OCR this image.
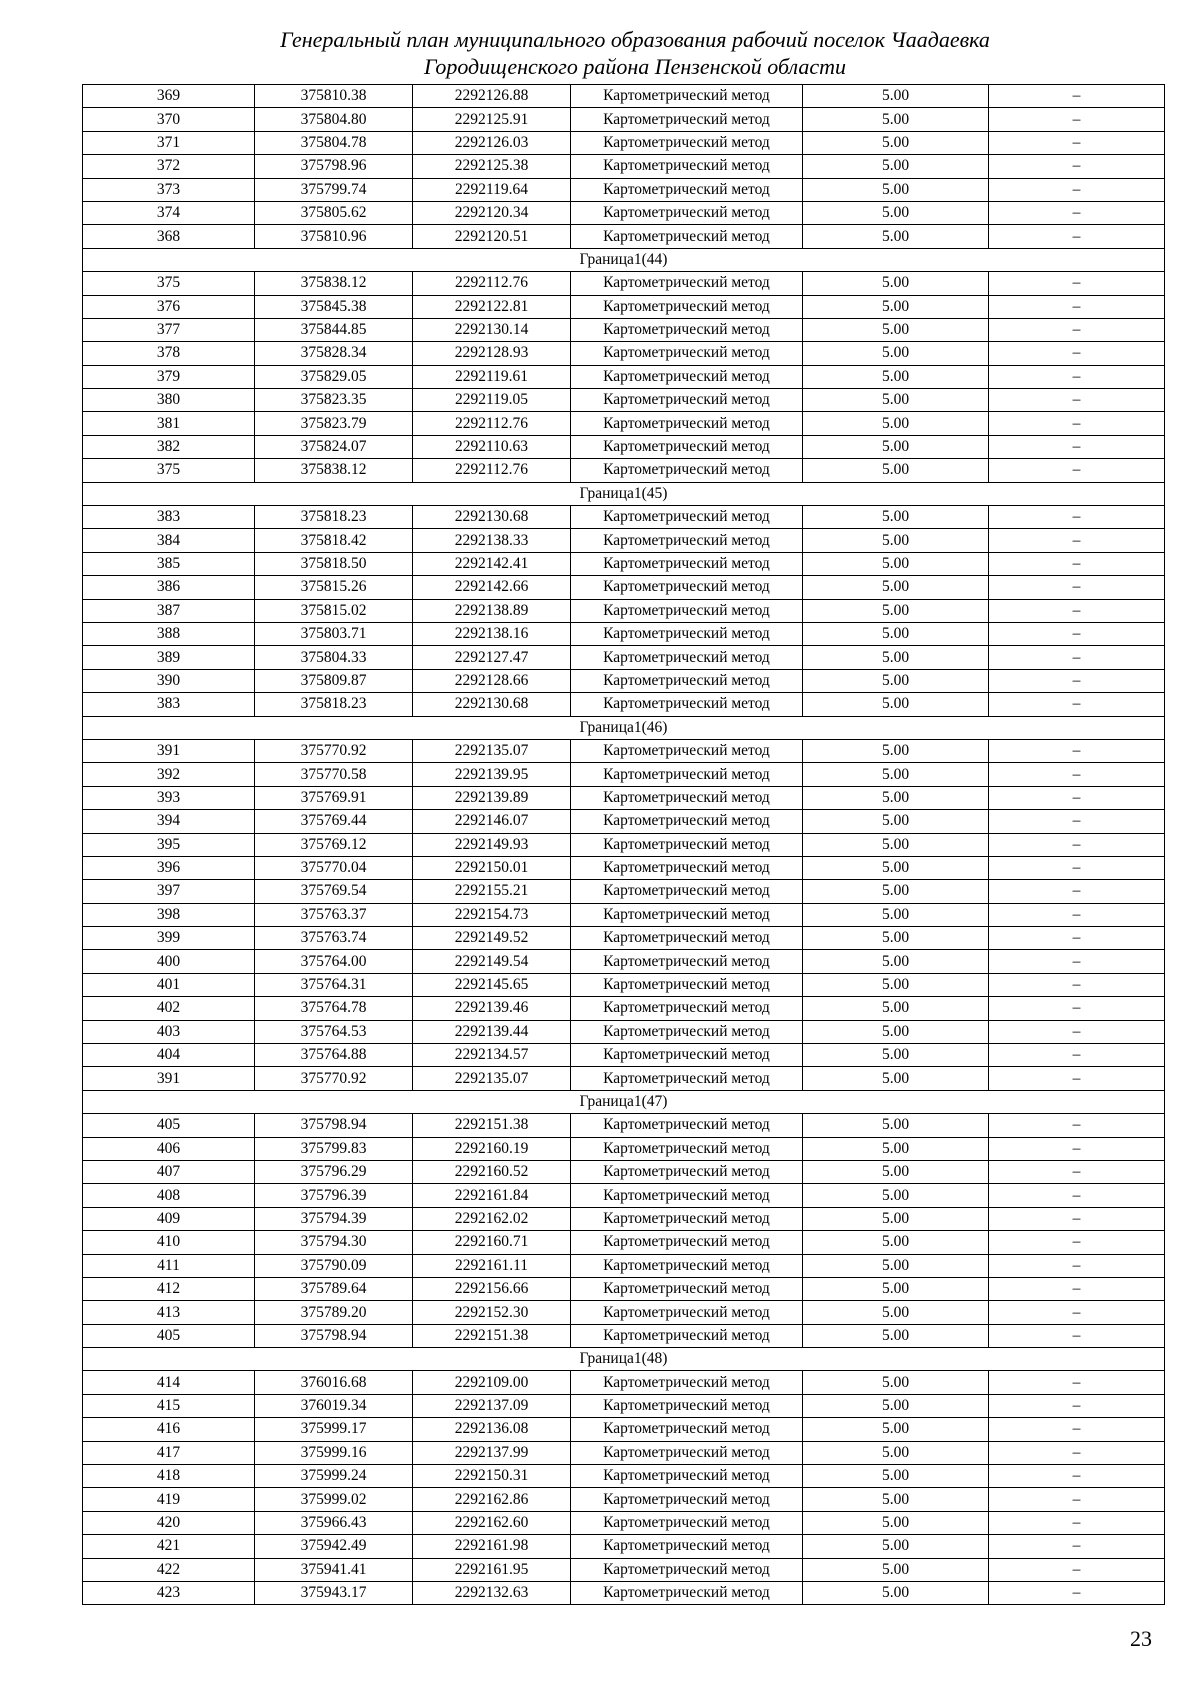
Генеральный план муниципального образования рабочий поселок Чаадаевка
Городищенского района Пензенской области
369	375810.38	2292126.88	Картометрический метод	5.00	–
370	375804.80	2292125.91	Картометрический метод	5.00	–
371	375804.78	2292126.03	Картометрический метод	5.00	–
372	375798.96	2292125.38	Картометрический метод	5.00	–
373	375799.74	2292119.64	Картометрический метод	5.00	–
374	375805.62	2292120.34	Картометрический метод	5.00	–
368	375810.96	2292120.51	Картометрический метод	5.00	–
Граница1(44)					
375	375838.12	2292112.76	Картометрический метод	5.00	–
376	375845.38	2292122.81	Картометрический метод	5.00	–
377	375844.85	2292130.14	Картометрический метод	5.00	–
378	375828.34	2292128.93	Картометрический метод	5.00	–
379	375829.05	2292119.61	Картометрический метод	5.00	–
380	375823.35	2292119.05	Картометрический метод	5.00	–
381	375823.79	2292112.76	Картометрический метод	5.00	–
382	375824.07	2292110.63	Картометрический метод	5.00	–
375	375838.12	2292112.76	Картометрический метод	5.00	–
Граница1(45)					
383	375818.23	2292130.68	Картометрический метод	5.00	–
384	375818.42	2292138.33	Картометрический метод	5.00	–
385	375818.50	2292142.41	Картометрический метод	5.00	–
386	375815.26	2292142.66	Картометрический метод	5.00	–
387	375815.02	2292138.89	Картометрический метод	5.00	–
388	375803.71	2292138.16	Картометрический метод	5.00	–
389	375804.33	2292127.47	Картометрический метод	5.00	–
390	375809.87	2292128.66	Картометрический метод	5.00	–
383	375818.23	2292130.68	Картометрический метод	5.00	–
Граница1(46)					
391	375770.92	2292135.07	Картометрический метод	5.00	–
392	375770.58	2292139.95	Картометрический метод	5.00	–
393	375769.91	2292139.89	Картометрический метод	5.00	–
394	375769.44	2292146.07	Картометрический метод	5.00	–
395	375769.12	2292149.93	Картометрический метод	5.00	–
396	375770.04	2292150.01	Картометрический метод	5.00	–
397	375769.54	2292155.21	Картометрический метод	5.00	–
398	375763.37	2292154.73	Картометрический метод	5.00	–
399	375763.74	2292149.52	Картометрический метод	5.00	–
400	375764.00	2292149.54	Картометрический метод	5.00	–
401	375764.31	2292145.65	Картометрический метод	5.00	–
402	375764.78	2292139.46	Картометрический метод	5.00	–
403	375764.53	2292139.44	Картометрический метод	5.00	–
404	375764.88	2292134.57	Картометрический метод	5.00	–
391	375770.92	2292135.07	Картометрический метод	5.00	–
Граница1(47)					
405	375798.94	2292151.38	Картометрический метод	5.00	–
406	375799.83	2292160.19	Картометрический метод	5.00	–
407	375796.29	2292160.52	Картометрический метод	5.00	–
408	375796.39	2292161.84	Картометрический метод	5.00	–
409	375794.39	2292162.02	Картометрический метод	5.00	–
410	375794.30	2292160.71	Картометрический метод	5.00	–
411	375790.09	2292161.11	Картометрический метод	5.00	–
412	375789.64	2292156.66	Картометрический метод	5.00	–
413	375789.20	2292152.30	Картометрический метод	5.00	–
405	375798.94	2292151.38	Картометрический метод	5.00	–
Граница1(48)					
414	376016.68	2292109.00	Картометрический метод	5.00	–
415	376019.34	2292137.09	Картометрический метод	5.00	–
416	375999.17	2292136.08	Картометрический метод	5.00	–
417	375999.16	2292137.99	Картометрический метод	5.00	–
418	375999.24	2292150.31	Картометрический метод	5.00	–
419	375999.02	2292162.86	Картометрический метод	5.00	–
420	375966.43	2292162.60	Картометрический метод	5.00	–
421	375942.49	2292161.98	Картометрический метод	5.00	–
422	375941.41	2292161.95	Картометрический метод	5.00	–
423	375943.17	2292132.63	Картометрический метод	5.00	–
23
